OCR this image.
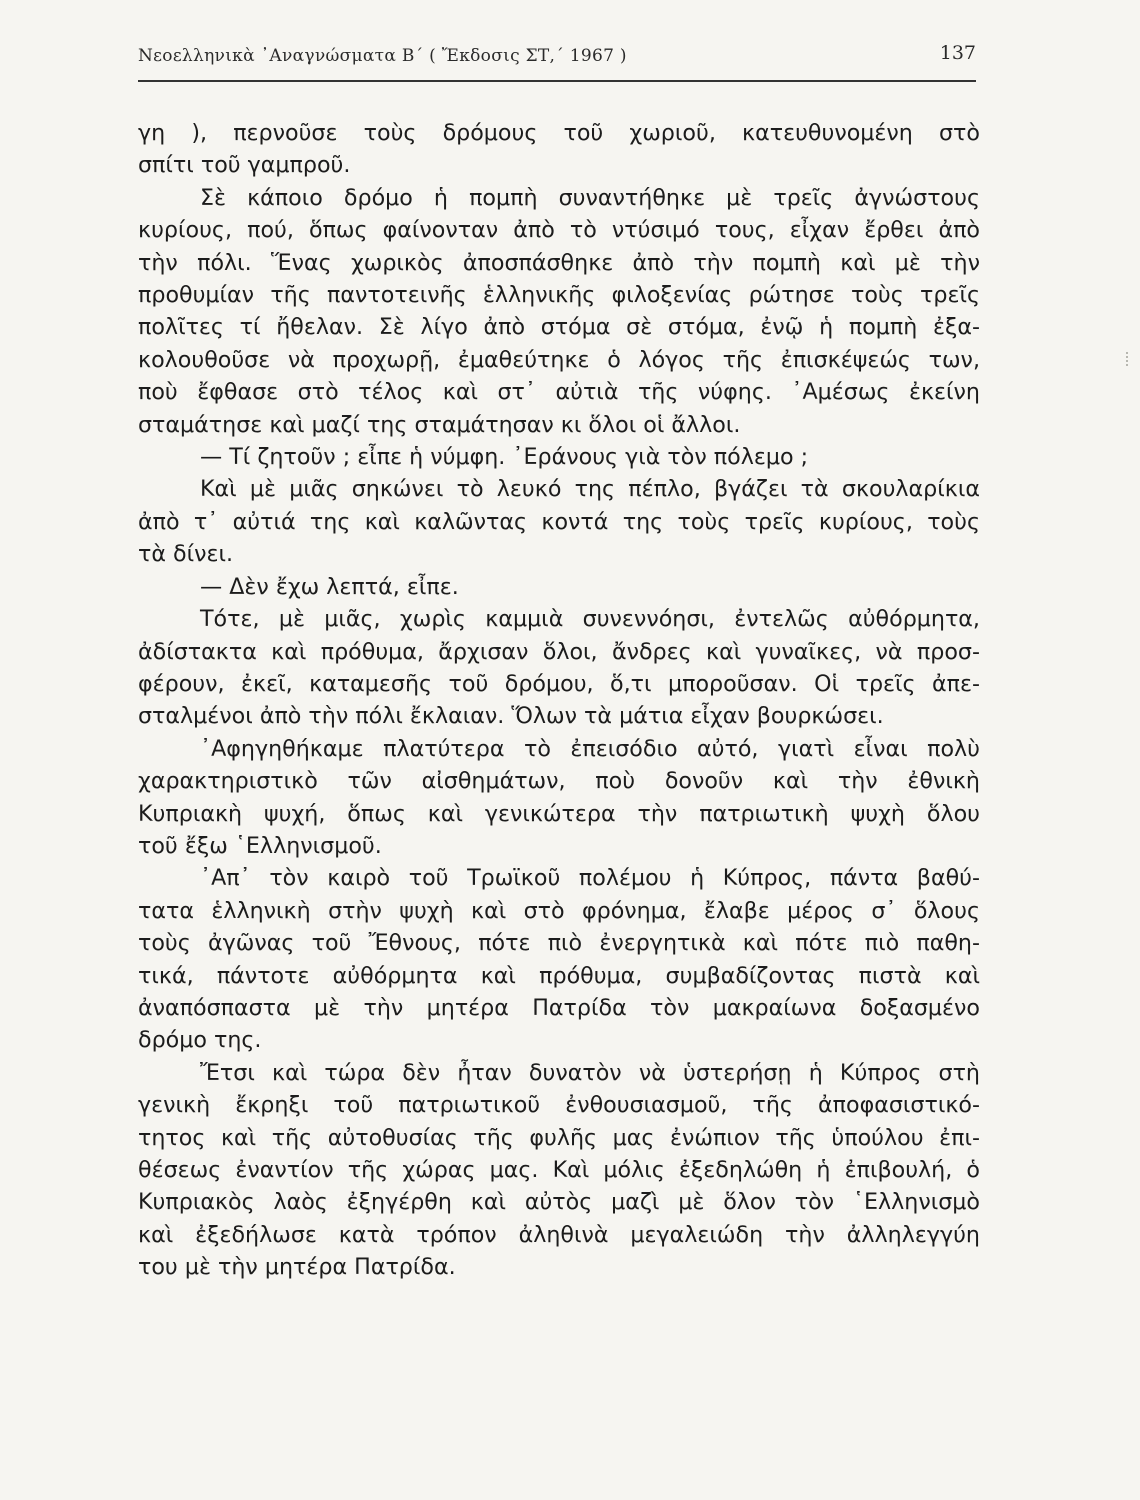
Νεοελληνικὰ ᾿Αναγνώσματα Β΄ ( Ἔκδοσις ΣΤ,΄ 1967 )	137
γη ), περνοῦσε τοὺς δρόμους τοῦ χωριοῦ, κατευθυνομένη στὸ
σπίτι τοῦ γαμπροῦ.
Σὲ κάποιο δρόμο ἡ πομπὴ συναντήθηκε μὲ τρεῖς ἀγνώστους
κυρίους, πού, ὅπως φαίνονταν ἀπὸ τὸ ντύσιμό τους, εἶχαν ἔρθει ἀπὸ
τὴν πόλι. Ἕνας χωρικὸς ἀποσπάσθηκε ἀπὸ τὴν πομπὴ καὶ μὲ τὴν
προθυμίαν τῆς παντοτεινῆς ἑλληνικῆς φιλοξενίας ρώτησε τοὺς τρεῖς
πολῖτες τί ἤθελαν. Σὲ λίγο ἀπὸ στόμα σὲ στόμα, ἐνῷ ἡ πομπὴ ἐξα-
κολουθοῦσε νὰ προχωρῇ, ἐμαθεύτηκε ὁ λόγος τῆς ἐπισκέψεώς των,
ποὺ ἔφθασε στὸ τέλος καὶ στ᾿ αὐτιὰ τῆς νύφης. ᾿Αμέσως ἐκείνη
σταμάτησε καὶ μαζί της σταμάτησαν κι ὅλοι οἱ ἄλλοι.
— Τί ζητοῦν ; εἶπε ἡ νύμφη. ᾿Εράνους γιὰ τὸν πόλεμο ;
Καὶ μὲ μιᾶς σηκώνει τὸ λευκό της πέπλο, βγάζει τὰ σκουλαρίκια
ἀπὸ τ᾿ αὐτιά της καὶ καλῶντας κοντά της τοὺς τρεῖς κυρίους, τοὺς
τὰ δίνει.
— Δὲν ἔχω λεπτά, εἶπε.
Τότε, μὲ μιᾶς, χωρὶς καμμιὰ συνεννόησι, ἐντελῶς αὐθόρμητα,
ἀδίστακτα καὶ πρόθυμα, ἄρχισαν ὅλοι, ἄνδρες καὶ γυναῖκες, νὰ προσ-
φέρουν, ἐκεῖ, καταμεσῆς τοῦ δρόμου, ὅ,τι μποροῦσαν. Οἱ τρεῖς ἀπε-
σταλμένοι ἀπὸ τὴν πόλι ἔκλαιαν. Ὅλων τὰ μάτια εἶχαν βουρκώσει.
᾿Αφηγηθήκαμε πλατύτερα τὸ ἐπεισόδιο αὐτό, γιατὶ εἶναι πολὺ
χαρακτηριστικὸ τῶν αἰσθημάτων, ποὺ δονοῦν καὶ τὴν ἐθνικὴ
Κυπριακὴ ψυχή, ὅπως καὶ γενικώτερα τὴν πατριωτικὴ ψυχὴ ὅλου
τοῦ ἔξω ῾Ελληνισμοῦ.
᾿Απ᾿ τὸν καιρὸ τοῦ Τρωϊκοῦ πολέμου ἡ Κύπρος, πάντα βαθύ-
τατα ἑλληνικὴ στὴν ψυχὴ καὶ στὸ φρόνημα, ἔλαβε μέρος σ᾿ ὅλους
τοὺς ἀγῶνας τοῦ Ἔθνους, πότε πιὸ ἐνεργητικὰ καὶ πότε πιὸ παθη-
τικά, πάντοτε αὐθόρμητα καὶ πρόθυμα, συμβαδίζοντας πιστὰ καὶ
ἀναπόσπαστα μὲ τὴν μητέρα Πατρίδα τὸν μακραίωνα δοξασμένο
δρόμο της.
Ἔτσι καὶ τώρα δὲν ἦταν δυνατὸν νὰ ὑστερήσῃ ἡ Κύπρος στὴ
γενικὴ ἔκρηξι τοῦ πατριωτικοῦ ἐνθουσιασμοῦ, τῆς ἀποφασιστικό-
τητος καὶ τῆς αὐτοθυσίας τῆς φυλῆς μας ἐνώπιον τῆς ὑπούλου ἐπι-
θέσεως ἐναντίον τῆς χώρας μας. Καὶ μόλις ἐξεδηλώθη ἡ ἐπιβουλή, ὁ
Κυπριακὸς λαὸς ἐξηγέρθη καὶ αὐτὸς μαζὶ μὲ ὅλον τὸν ῾Ελληνισμὸ
καὶ ἐξεδήλωσε κατὰ τρόπον ἀληθινὰ μεγαλειώδη τὴν ἀλληλεγγύη
του μὲ τὴν μητέρα Πατρίδα.
